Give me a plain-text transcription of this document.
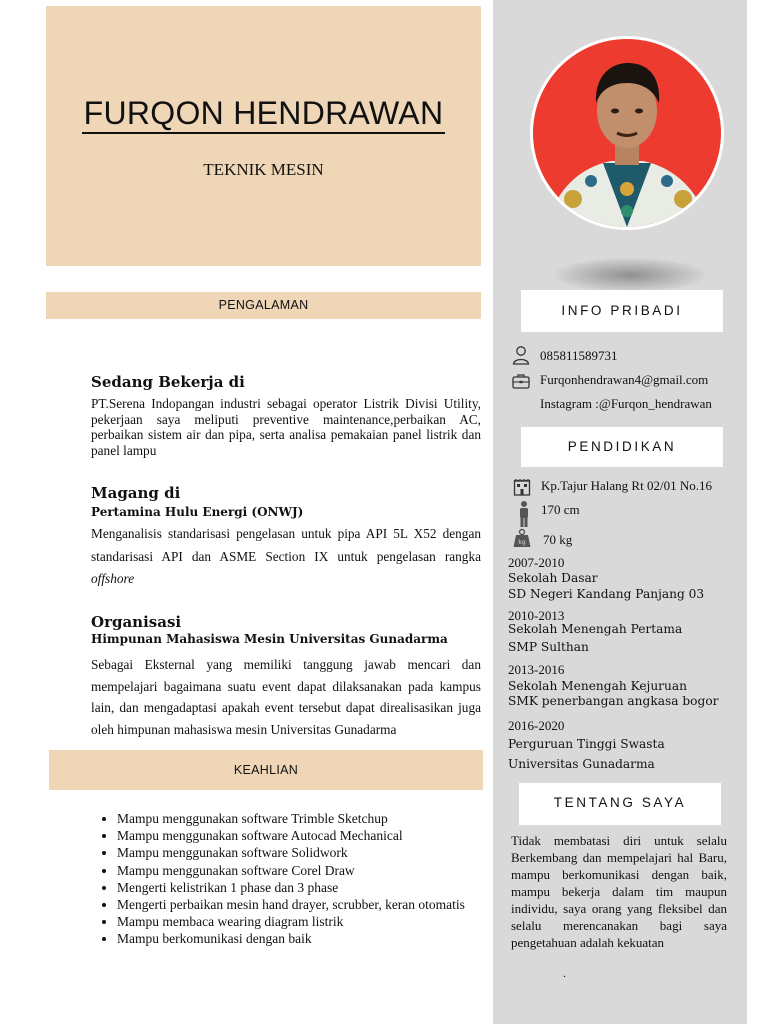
FURQON HENDRAWAN
TEKNIK MESIN
PENGALAMAN
KEAHLIAN
INFO PRIBADI
PENDIDIKAN
TENTANG SAYA
Sedang Bekerja di
PT.Serena Indopangan industri sebagai operator Listrik Divisi Utility, pekerjaan saya meliputi preventive maintenance,perbaikan AC, perbaikan sistem air dan pipa, serta analisa pemakaian panel listrik dan panel lampu
Magang di
Pertamina Hulu Energi (ONWJ)
Menganalisis standarisasi pengelasan untuk pipa API 5L X52 dengan standarisasi API dan ASME Section IX untuk pengelasan rangka offshore
Organisasi
Himpunan Mahasiswa Mesin Universitas Gunadarma
Sebagai Eksternal yang memiliki tanggung jawab mencari dan mempelajari bagaimana suatu event dapat dilaksanakan pada kampus lain, dan mengadaptasi apakah event tersebut dapat direalisasikan juga oleh himpunan mahasiswa mesin Universitas Gunadarma
• Mampu menggunakan software Trimble Sketchup
• Mampu menggunakan software Autocad Mechanical
• Mampu menggunakan software Solidwork
• Mampu menggunakan software Corel Draw
• Mengerti kelistrikan 1 phase dan 3 phase
• Mengerti perbaikan mesin hand drayer, scrubber, keran otomatis
• Mampu membaca wearing diagram listrik
• Mampu berkomunikasi dengan baik
085811589731
Furqonhendrawan4@gmail.com
Instagram :@Furqon_hendrawan
Kp.Tajur Halang Rt 02/01 No.16
170 cm
kg 70 kg
2007-2010
Sekolah Dasar
SD Negeri Kandang Panjang 03
2010-2013
Sekolah Menengah Pertama
SMP Sulthan
2013-2016
Sekolah Menengah Kejuruan
SMK penerbangan angkasa bogor
2016-2020
Perguruan Tinggi Swasta
Universitas Gunadarma
Tidak membatasi diri untuk selalu Berkembang dan mempelajari hal Baru, mampu berkomunikasi dengan baik, mampu bekerja dalam tim maupun individu, saya orang yang fleksibel dan selalu merencanakan bagi saya pengetahuan adalah kekuatan
.
